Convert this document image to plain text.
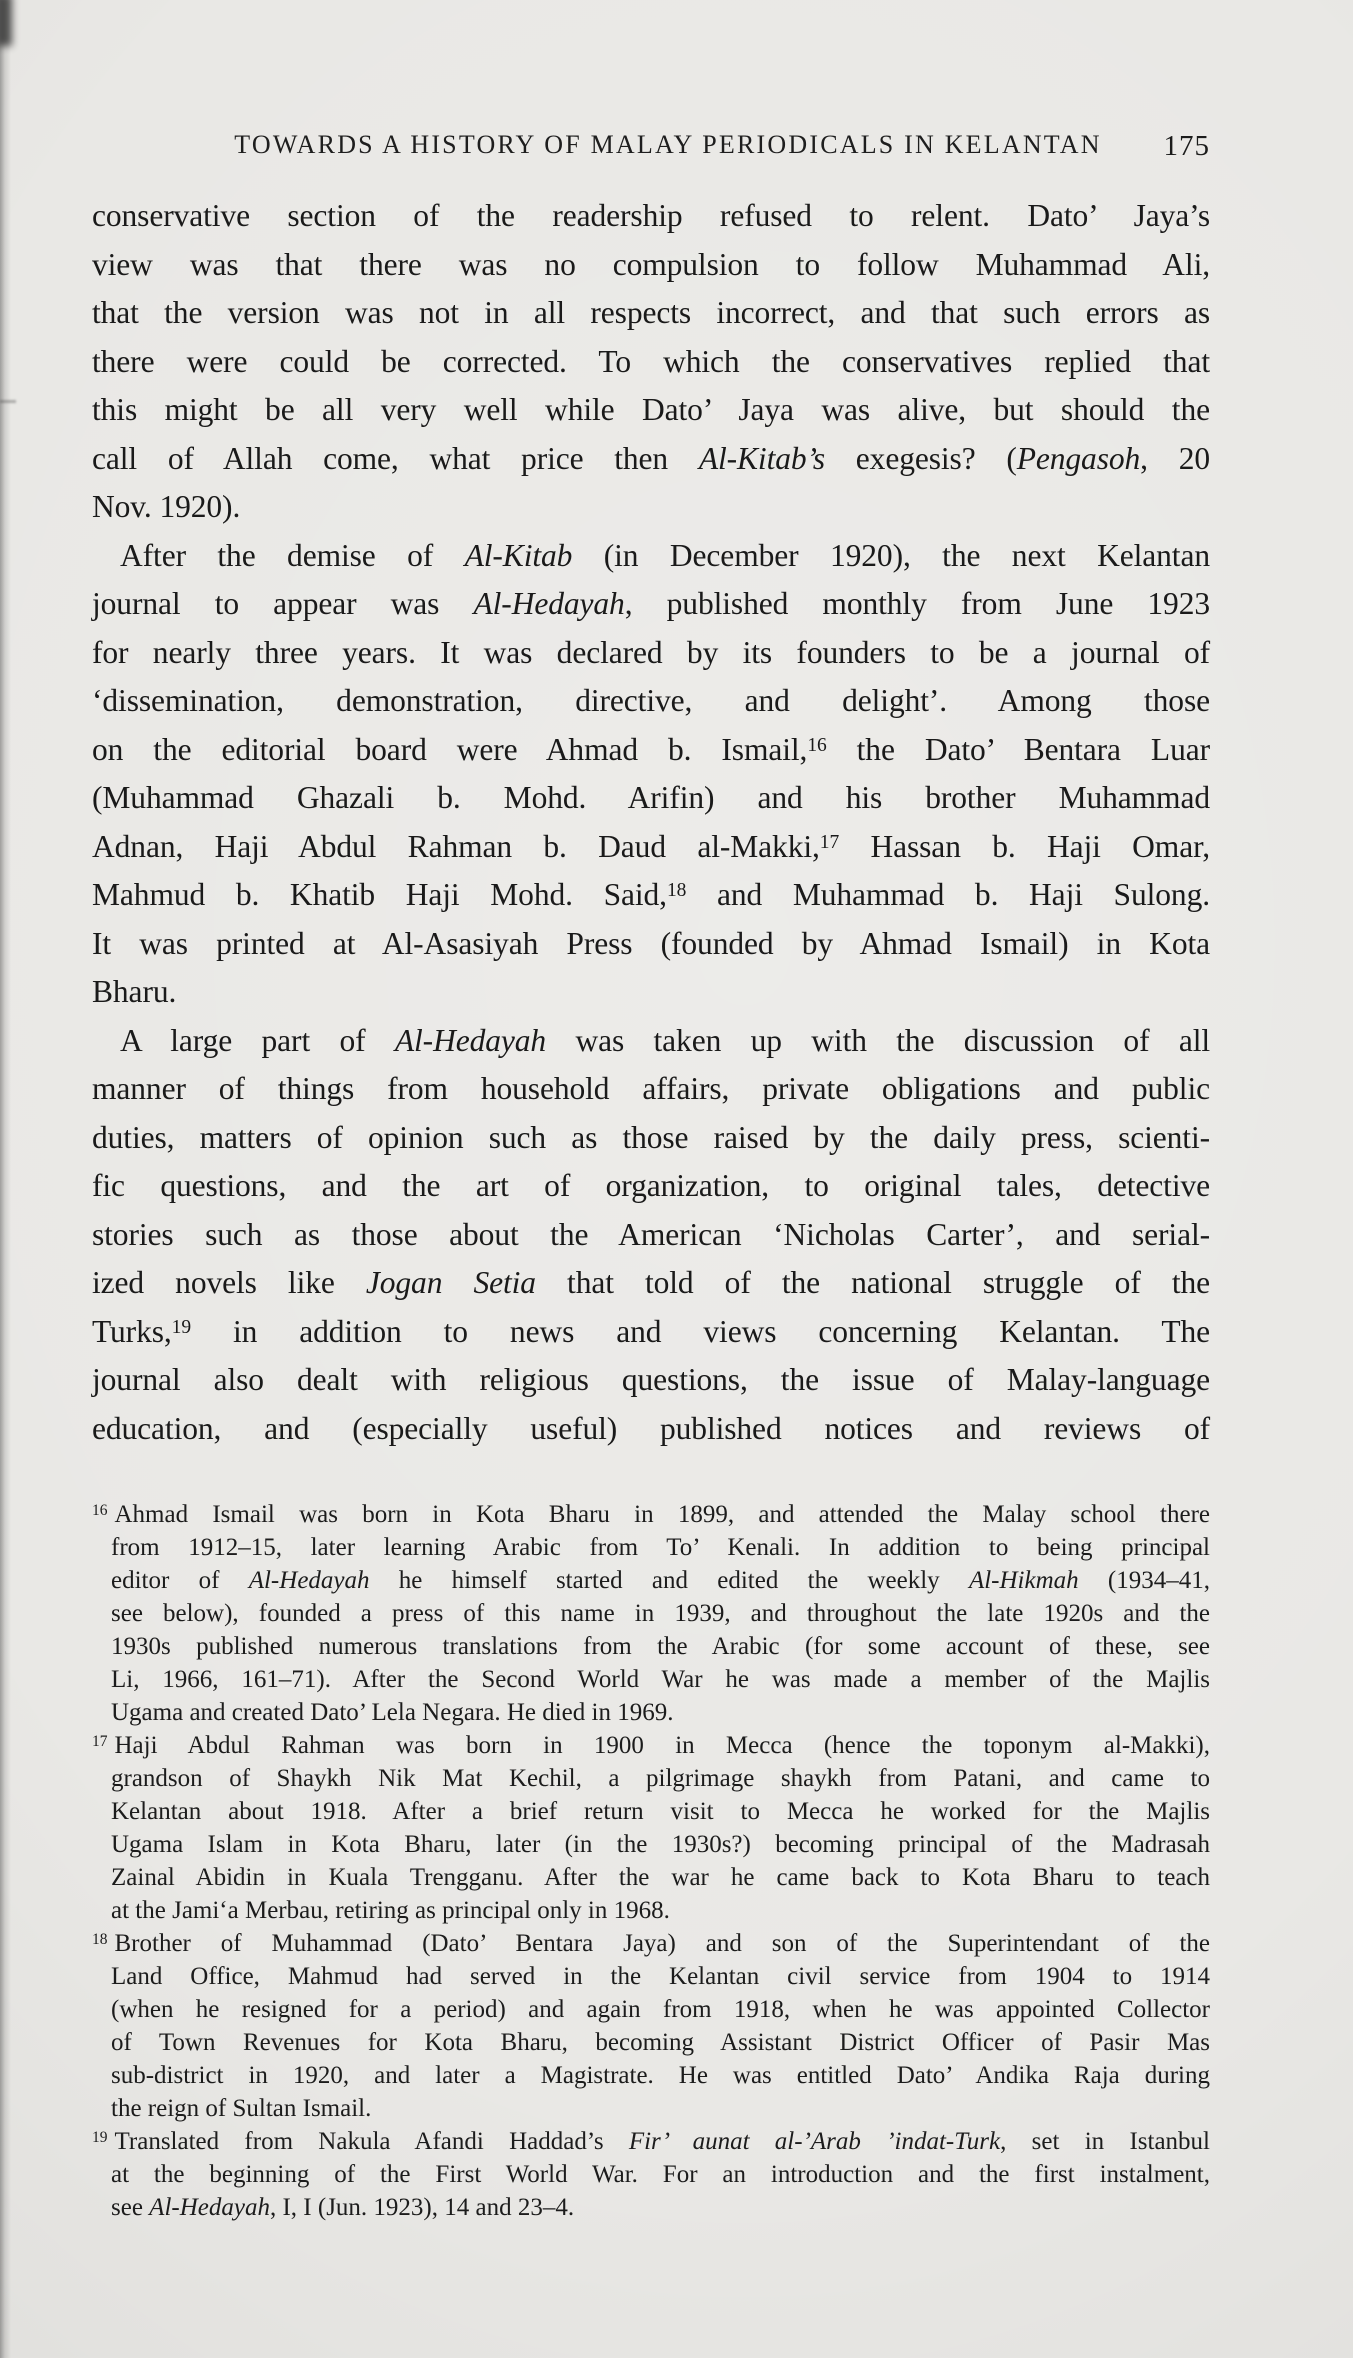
TOWARDS A HISTORY OF MALAY PERIODICALS IN KELANTAN 175
conservative section of the readership refused to relent. Dato’ Jaya’s
view was that there was no compulsion to follow Muhammad Ali,
that the version was not in all respects incorrect, and that such errors as
there were could be corrected. To which the conservatives replied that
this might be all very well while Dato’ Jaya was alive, but should the
call of Allah come, what price then Al-Kitab’s exegesis? (Pengasoh, 20
Nov. 1920).
After the demise of Al-Kitab (in December 1920), the next Kelantan
journal to appear was Al-Hedayah, published monthly from June 1923
for nearly three years. It was declared by its founders to be a journal of
‘dissemination, demonstration, directive, and delight’. Among those
on the editorial board were Ahmad b. Ismail,$^{16}$ the Dato’ Bentara Luar
(Muhammad Ghazali b. Mohd. Arifin) and his brother Muhammad
Adnan, Haji Abdul Rahman b. Daud al-Makki,$^{17}$ Hassan b. Haji Omar,
Mahmud b. Khatib Haji Mohd. Said,$^{18}$ and Muhammad b. Haji Sulong.
It was printed at Al-Asasiyah Press (founded by Ahmad Ismail) in Kota
Bharu.
A large part of Al-Hedayah was taken up with the discussion of all
manner of things from household affairs, private obligations and public
duties, matters of opinion such as those raised by the daily press, scienti-
fic questions, and the art of organization, to original tales, detective
stories such as those about the American ‘Nicholas Carter’, and serial-
ized novels like Jogan Setia that told of the national struggle of the
Turks,$^{19}$ in addition to news and views concerning Kelantan. The
journal also dealt with religious questions, the issue of Malay-language
education, and (especially useful) published notices and reviews of
$^{16}$ Ahmad Ismail was born in Kota Bharu in 1899, and attended the Malay school there
from 1912–15, later learning Arabic from To’ Kenali. In addition to being principal
editor of Al-Hedayah he himself started and edited the weekly Al-Hikmah (1934–41,
see below), founded a press of this name in 1939, and throughout the late 1920s and the
1930s published numerous translations from the Arabic (for some account of these, see
Li, 1966, 161–71). After the Second World War he was made a member of the Majlis
Ugama and created Dato’ Lela Negara. He died in 1969.
$^{17}$ Haji Abdul Rahman was born in 1900 in Mecca (hence the toponym al-Makki),
grandson of Shaykh Nik Mat Kechil, a pilgrimage shaykh from Patani, and came to
Kelantan about 1918. After a brief return visit to Mecca he worked for the Majlis
Ugama Islam in Kota Bharu, later (in the 1930s?) becoming principal of the Madrasah
Zainal Abidin in Kuala Trengganu. After the war he came back to Kota Bharu to teach
at the Jami‘a Merbau, retiring as principal only in 1968.
$^{18}$ Brother of Muhammad (Dato’ Bentara Jaya) and son of the Superintendant of the
Land Office, Mahmud had served in the Kelantan civil service from 1904 to 1914
(when he resigned for a period) and again from 1918, when he was appointed Collector
of Town Revenues for Kota Bharu, becoming Assistant District Officer of Pasir Mas
sub-district in 1920, and later a Magistrate. He was entitled Dato’ Andika Raja during
the reign of Sultan Ismail.
$^{19}$ Translated from Nakula Afandi Haddad’s Fir’ aunat al-’Arab ’indat-Turk, set in Istanbul
at the beginning of the First World War. For an introduction and the first instalment,
see Al-Hedayah, I, I (Jun. 1923), 14 and 23–4.
